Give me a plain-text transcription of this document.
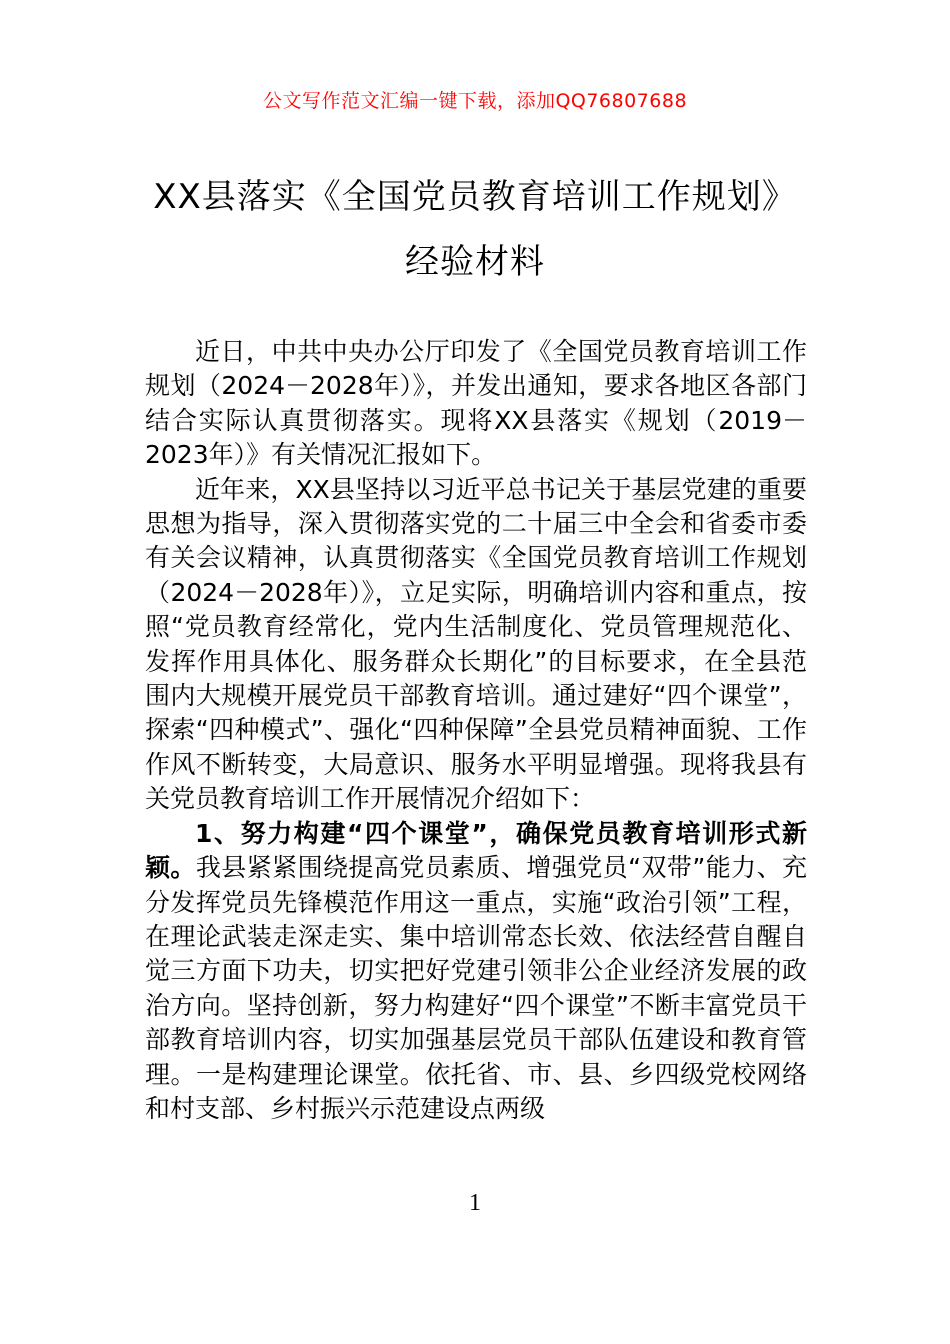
公文写作范文汇编一键下载，添加QQ76807688
XX县落实《全国党员教育培训工作规划》
经验材料

近日，中共中央办公厅印发了《全国党员教育培训工作规划（2024－2028年）》，并发出通知，要求各地区各部门结合实际认真贯彻落实。现将XX县落实《规划（2019－2023年）》有关情况汇报如下。

近年来，XX县坚持以习近平总书记关于基层党建的重要思想为指导，深入贯彻落实党的二十届三中全会和省委市委有关会议精神，认真贯彻落实《全国党员教育培训工作规划（2024－2028年）》，立足实际，明确培训内容和重点，按照“党员教育经常化，党内生活制度化、党员管理规范化、发挥作用具体化、服务群众长期化”的目标要求，在全县范围内大规模开展党员干部教育培训。通过建好“四个课堂”，探索“四种模式”、强化“四种保障”全县党员精神面貌、工作作风不断转变，大局意识、服务水平明显增强。现将我县有关党员教育培训工作开展情况介绍如下：

1、努力构建“四个课堂”，确保党员教育培训形式新颖。我县紧紧围绕提高党员素质、增强党员“双带”能力、充分发挥党员先锋模范作用这一重点，实施“政治引领”工程，在理论武装走深走实、集中培训常态长效、依法经营自醒自觉三方面下功夫，切实把好党建引领非公企业经济发展的政治方向。坚持创新，努力构建好“四个课堂”不断丰富党员干部教育培训内容，切实加强基层党员干部队伍建设和教育管理。一是构建理论课堂。依托省、市、县、乡四级党校网络和村支部、乡村振兴示范建设点两级

1
